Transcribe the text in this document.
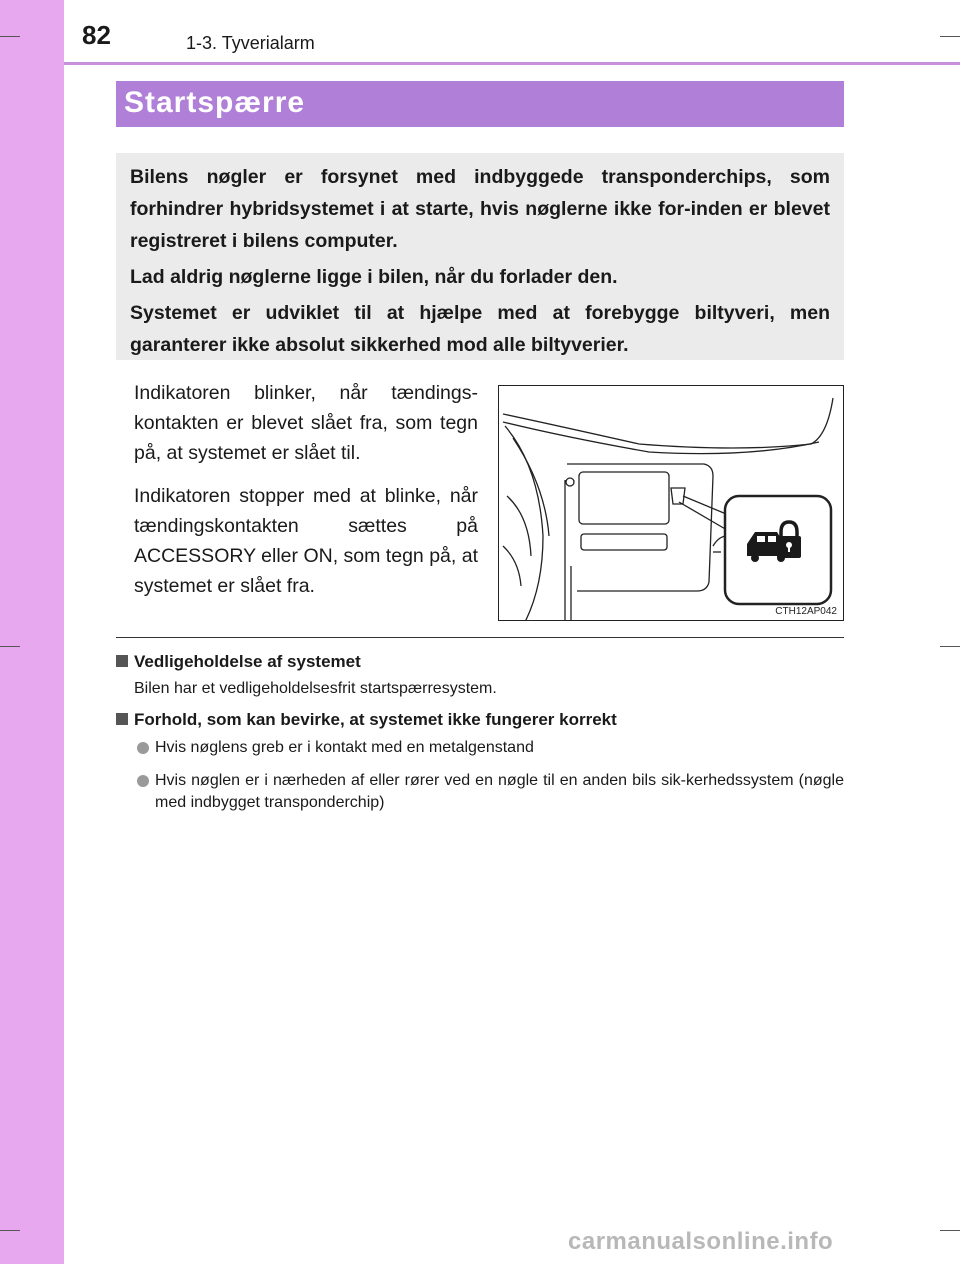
82	1-3. Tyverialarm
Startspærre

Bilens nøgler er forsynet med indbyggede transponderchips, som forhindrer hybridsystemet i at starte, hvis nøglerne ikke for-inden er blevet registreret i bilens computer.

Lad aldrig nøglerne ligge i bilen, når du forlader den.

Systemet er udviklet til at hjælpe med at forebygge biltyveri, men garanterer ikke absolut sikkerhed mod alle biltyverier.

Indikatoren blinker, når tændings-kontakten er blevet slået fra, som tegn på, at systemet er slået til.

Indikatoren stopper med at blinke, når tændingskontakten sættes på ACCESSORY eller ON, som tegn på, at systemet er slået fra.

CTH12AP042
Vedligeholdelse af systemet
Bilen har et vedligeholdelsesfrit startspærresystem.
Forhold, som kan bevirke, at systemet ikke fungerer korrekt
Hvis nøglens greb er i kontakt med en metalgenstand
Hvis nøglen er i nærheden af eller rører ved en nøgle til en anden bils sik-kerhedssystem (nøgle med indbygget transponderchip)
carmanualsonline.info
